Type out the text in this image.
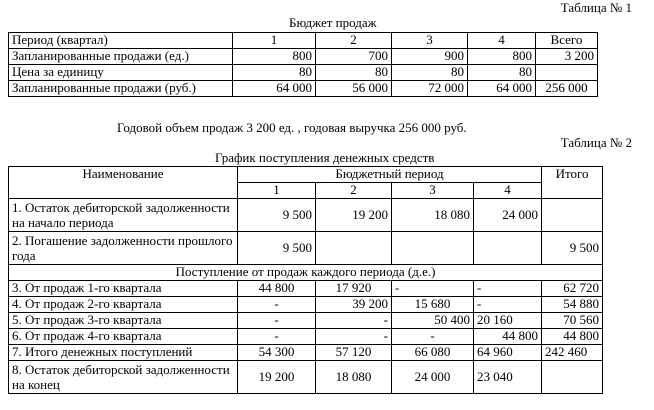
Таблица № 1
Бюджет продаж
Период (квартал)	1	2	3	4	Всего
Запланированные продажи (ед.)	800	700	900	800	3 200
Цена за единицу	80	80	80	80	
Запланированные продажи (руб.)	64 000	56 000	72 000	64 000	256 000
Годовой объем продаж 3 200 ед. , годовая выручка 256 000 руб.
Таблица № 2
График поступления денежных средств
Наименование	Бюджетный период				Итого
	1	2	3	4	
1. Остаток дебиторской задолженности на начало периода	9 500	19 200	18 080	24 000	
2. Погашение задолженности прошлого года	9 500				9 500
Поступление от продаж каждого периода (д.е.)					
3. От продаж 1-го квартала	44 800	17 920	-	-	62 720
4. От продаж 2-го квартала	-	39 200	15 680	-	54 880
5. От продаж 3-го квартала	-	-	50 400	20 160	70 560
6. От продаж 4-го квартала	-	-	-	44 800	44 800
7. Итого денежных поступлений	54 300	57 120	66 080	64 960	242 460
8. Остаток дебиторской задолженности на конец	19 200	18 080	24 000	23 040	
